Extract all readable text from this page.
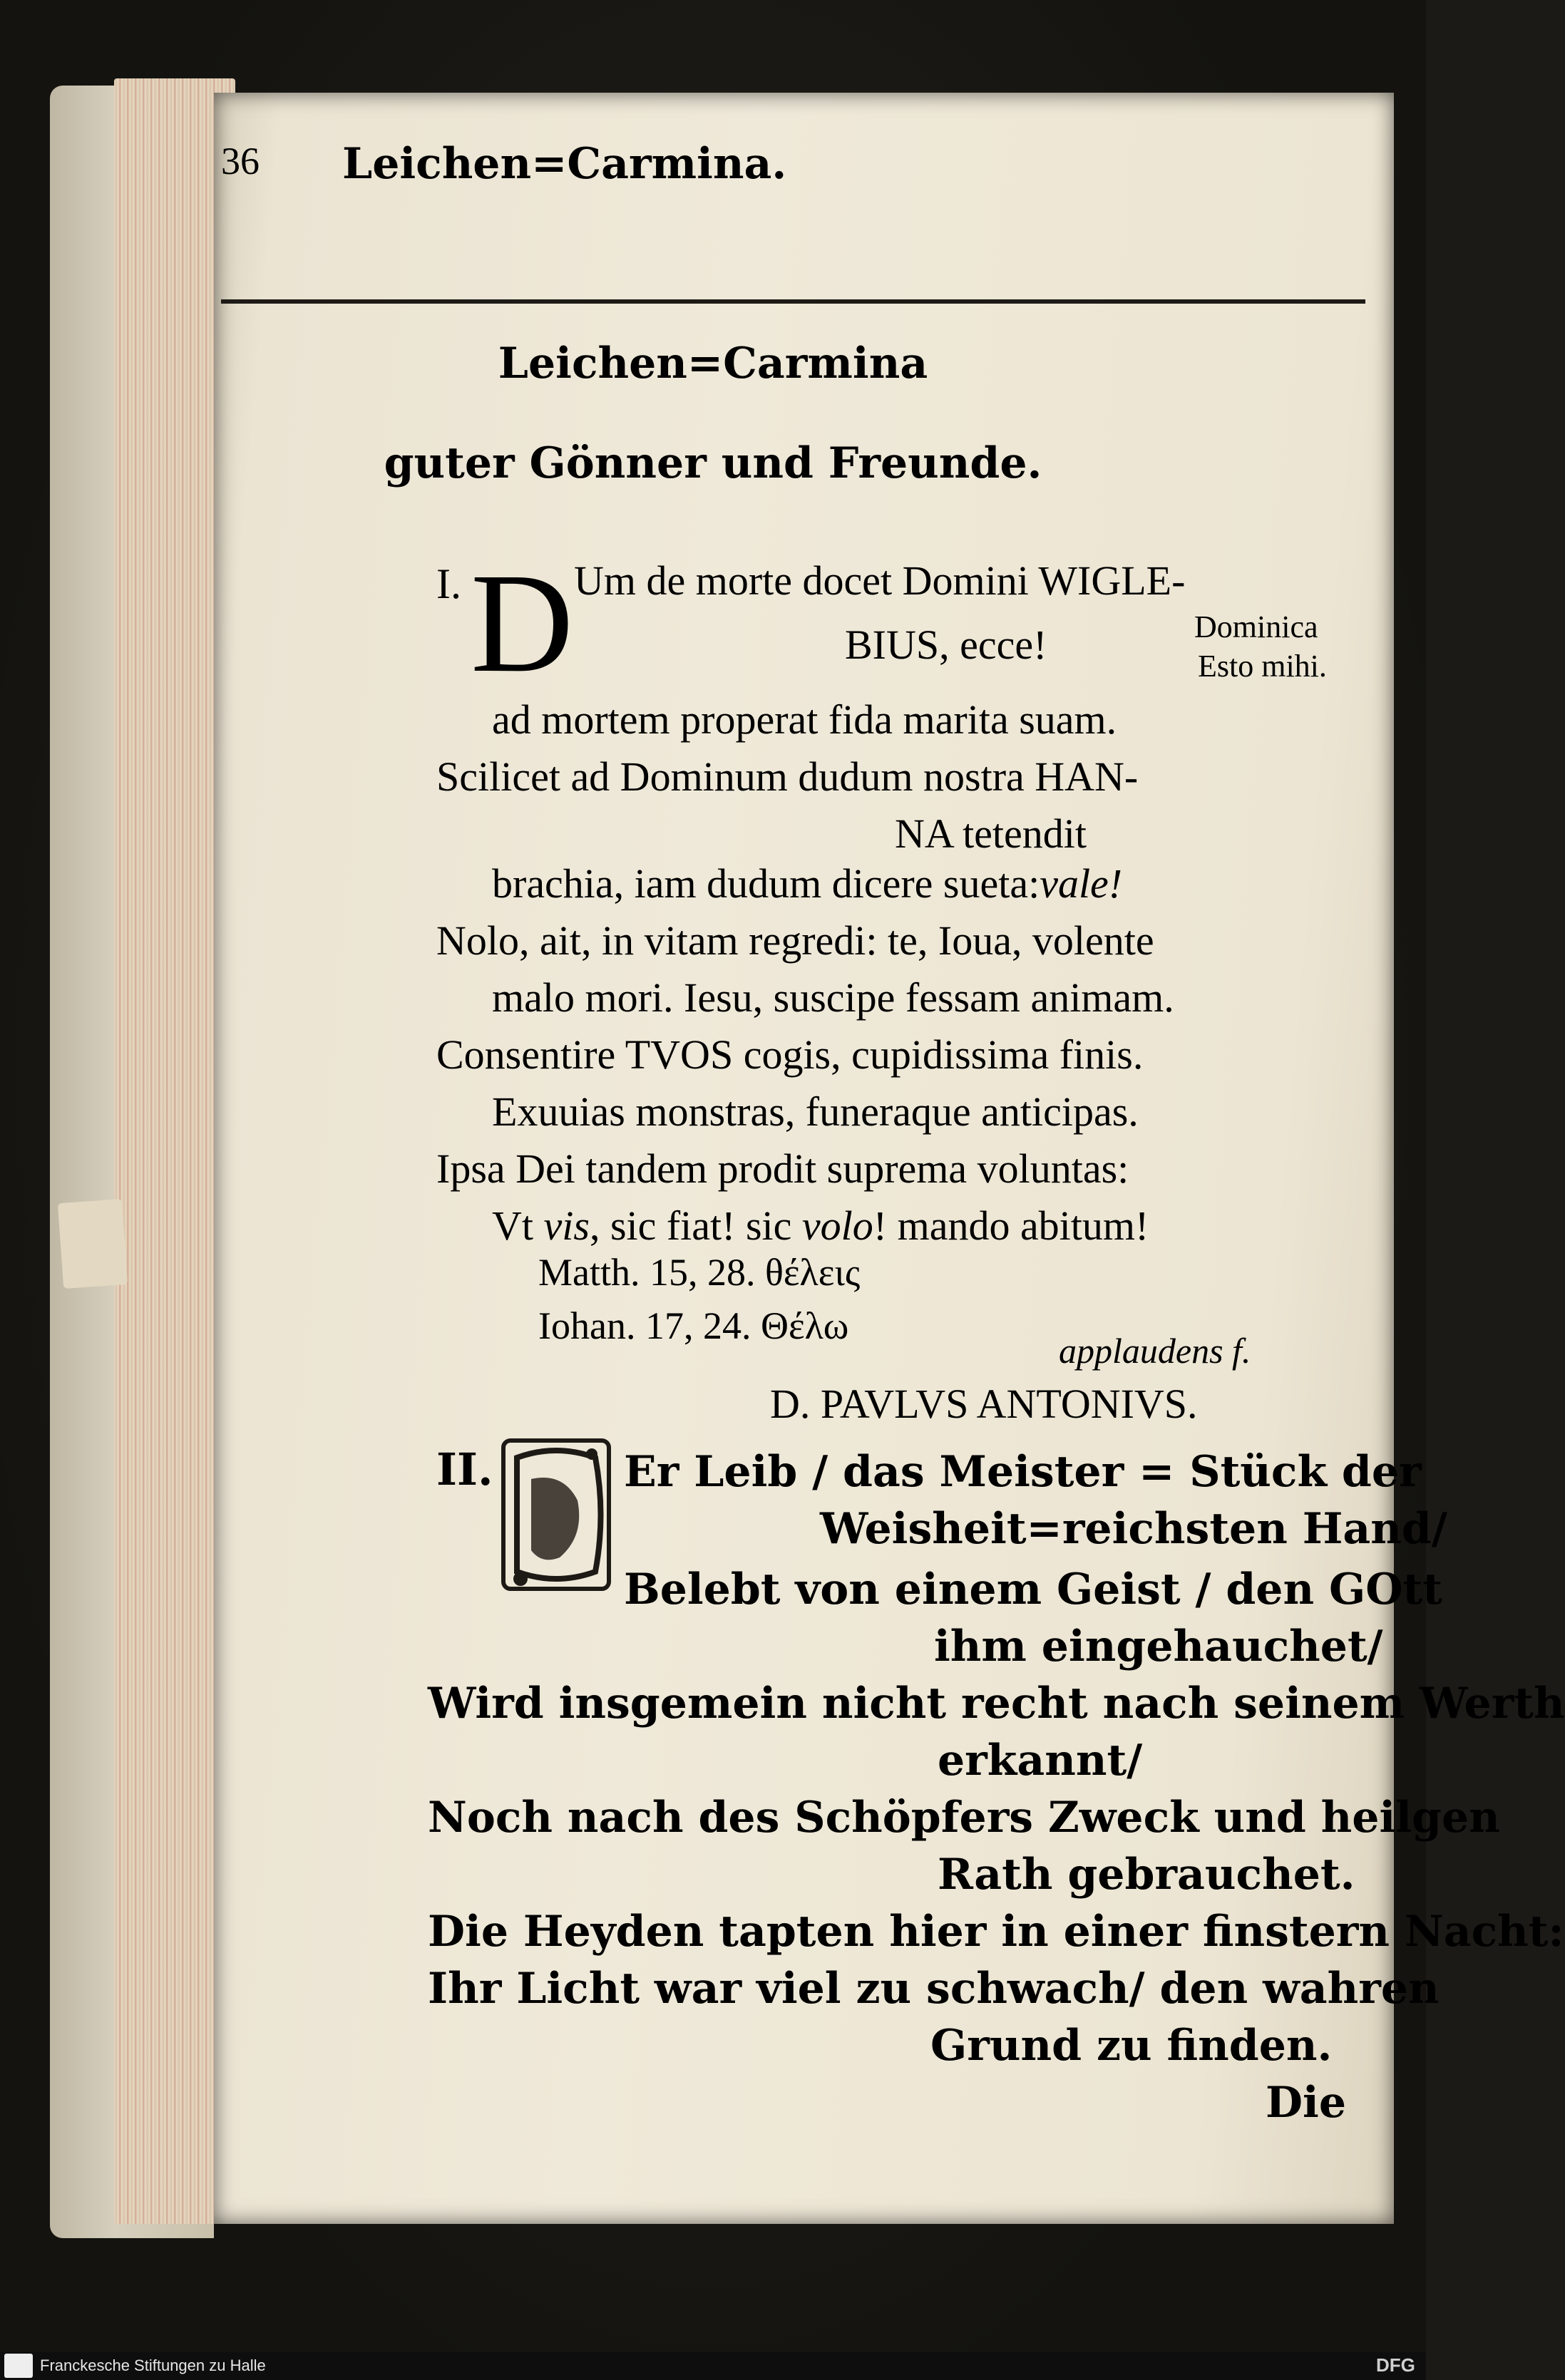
36 Leichen=Carmina.
Leichen=Carmina
guter Gönner und Freunde.
I. D Um de morte docet Domini WIGLE-
BIUS, ecce!	Dominica
Esto mihi.
ad mortem properat fida marita suam.
Scilicet ad Dominum dudum nostra HAN-
NA tetendit
brachia, iam dudum dicere sueta:vale!
Nolo, ait, in vitam regredi: te, Ioua, volente
malo mori. Iesu, suscipe fessam animam.
Consentire TVOS cogis, cupidissima finis.
Exuuias monstras, funeraque anticipas.
Ipsa Dei tandem prodit suprema voluntas:
Vt vis, sic fiat! sic volo! mando abitum!
Matth. 15, 28. θέλεις
Iohan. 17, 24. Θέλω
applaudens f.
D. PAVLVS ANTONIVS.
II.	Er Leib / das Meister = Stück der
Weisheit=reichsten Hand/
Belebt von einem Geist / den GOtt
ihm eingehauchet/
Wird insgemein nicht recht nach seinem Werth
erkannt/
Noch nach des Schöpfers Zweck und heilgen
Rath gebrauchet.
Die Heyden tapten hier in einer finstern Nacht:
Ihr Licht war viel zu schwach/ den wahren
Grund zu finden.
Die
Franckesche Stiftungen zu Halle	DFG
